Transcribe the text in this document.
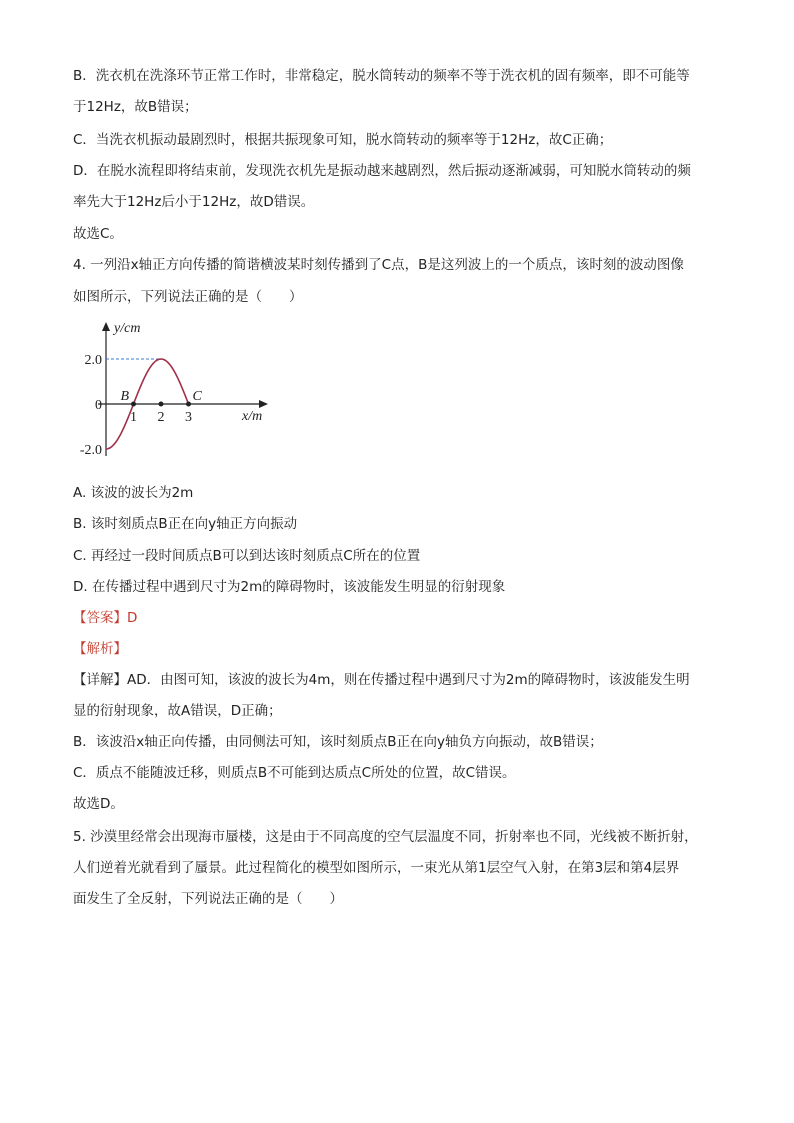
B．洗衣机在洗涤环节正常工作时，非常稳定，脱水筒转动的频率不等于洗衣机的固有频率，即不可能等
于12Hz，故B错误；
C．当洗衣机振动最剧烈时，根据共振现象可知，脱水筒转动的频率等于12Hz，故C正确；
D．在脱水流程即将结束前，发现洗衣机先是振动越来越剧烈，然后振动逐渐减弱，可知脱水筒转动的频
率先大于12Hz后小于12Hz，故D错误。
故选C。
4. 一列沿x轴正方向传播的简谐横波某时刻传播到了C点，B是这列波上的一个质点，该时刻的波动图像
如图所示，下列说法正确的是（　　）
2.0
0
-2.0
1 2 3
B	C
y/cm
x/m
A. 该波的波长为2m
B. 该时刻质点B正在向y轴正方向振动
C. 再经过一段时间质点B可以到达该时刻质点C所在的位置
D. 在传播过程中遇到尺寸为2m的障碍物时，该波能发生明显的衍射现象
【答案】D
【解析】
【详解】AD．由图可知，该波的波长为4m，则在传播过程中遇到尺寸为2m的障碍物时，该波能发生明
显的衍射现象，故A错误，D正确；
B．该波沿x轴正向传播，由同侧法可知，该时刻质点B正在向y轴负方向振动，故B错误；
C．质点不能随波迁移，则质点B不可能到达质点C所处的位置，故C错误。
故选D。
5. 沙漠里经常会出现海市蜃楼，这是由于不同高度的空气层温度不同，折射率也不同，光线被不断折射，
人们逆着光就看到了蜃景。此过程简化的模型如图所示，一束光从第1层空气入射，在第3层和第4层界
面发生了全反射，下列说法正确的是（　　）
